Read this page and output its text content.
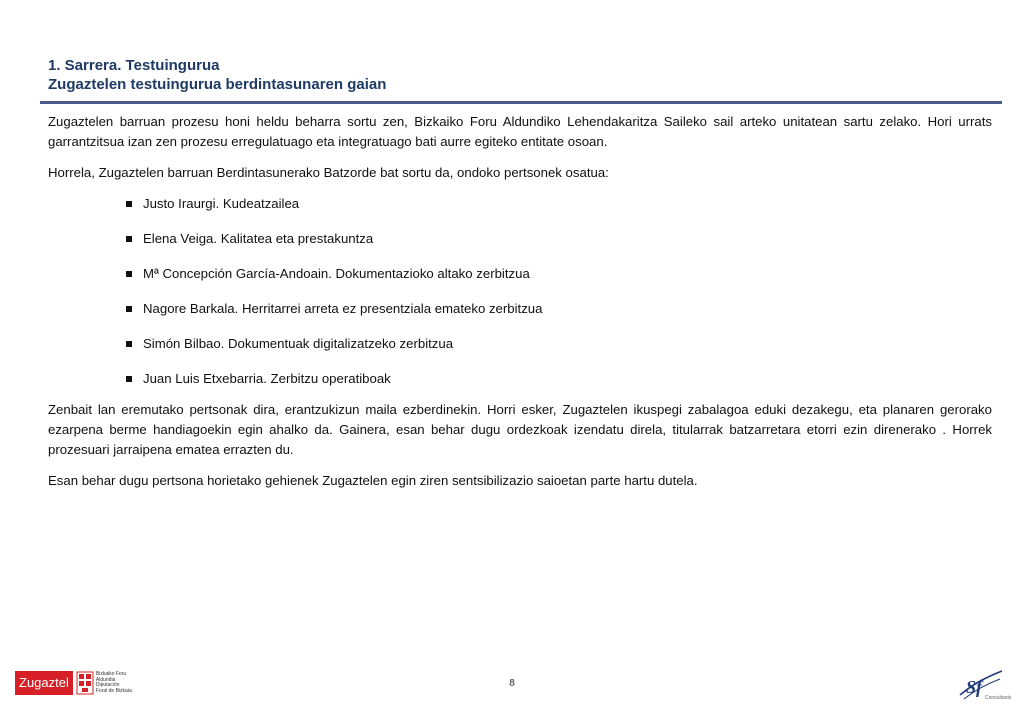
1. Sarrera. Testuingurua
Zugaztelen testuingurua berdintasunaren gaian

Zugaztelen barruan prozesu honi heldu beharra sortu zen, Bizkaiko Foru Aldundiko Lehendakaritza Saileko sail arteko unitatean sartu zelako. Hori urrats garrantzitsua izan zen prozesu erregulatuago eta integratuago bati aurre egiteko entitate osoan.

Horrela, Zugaztelen barruan Berdintasunerako Batzorde bat sortu da, ondoko pertsonek osatua:

Justo Iraurgi. Kudeatzailea
Elena Veiga. Kalitatea eta prestakuntza
Mª Concepción García-Andoain. Dokumentazioko altako zerbitzua
Nagore Barkala. Herritarrei arreta ez presentziala emateko zerbitzua
Simón Bilbao. Dokumentuak digitalizatzeko zerbitzua
Juan Luis Etxebarria. Zerbitzu operatiboak

Zenbait lan eremutako pertsonak dira, erantzukizun maila ezberdinekin. Horri esker, Zugaztelen ikuspegi zabalagoa eduki dezakegu, eta planaren gerorako ezarpena berme handiagoekin egin ahalko da. Gainera, esan behar dugu ordezkoak izendatu direla, titularrak batzarretara etorri ezin direnerako . Horrek prozesuari jarraipena ematea errazten du.

Esan behar dugu pertsona horietako gehienek Zugaztelen egin ziren sentsibilizazio saioetan parte hartu dutela.

Zugaztel
Bizkaiko Foru
Aldundia
Diputación
Foral de Bizkaia
8	Sf
Consultants
